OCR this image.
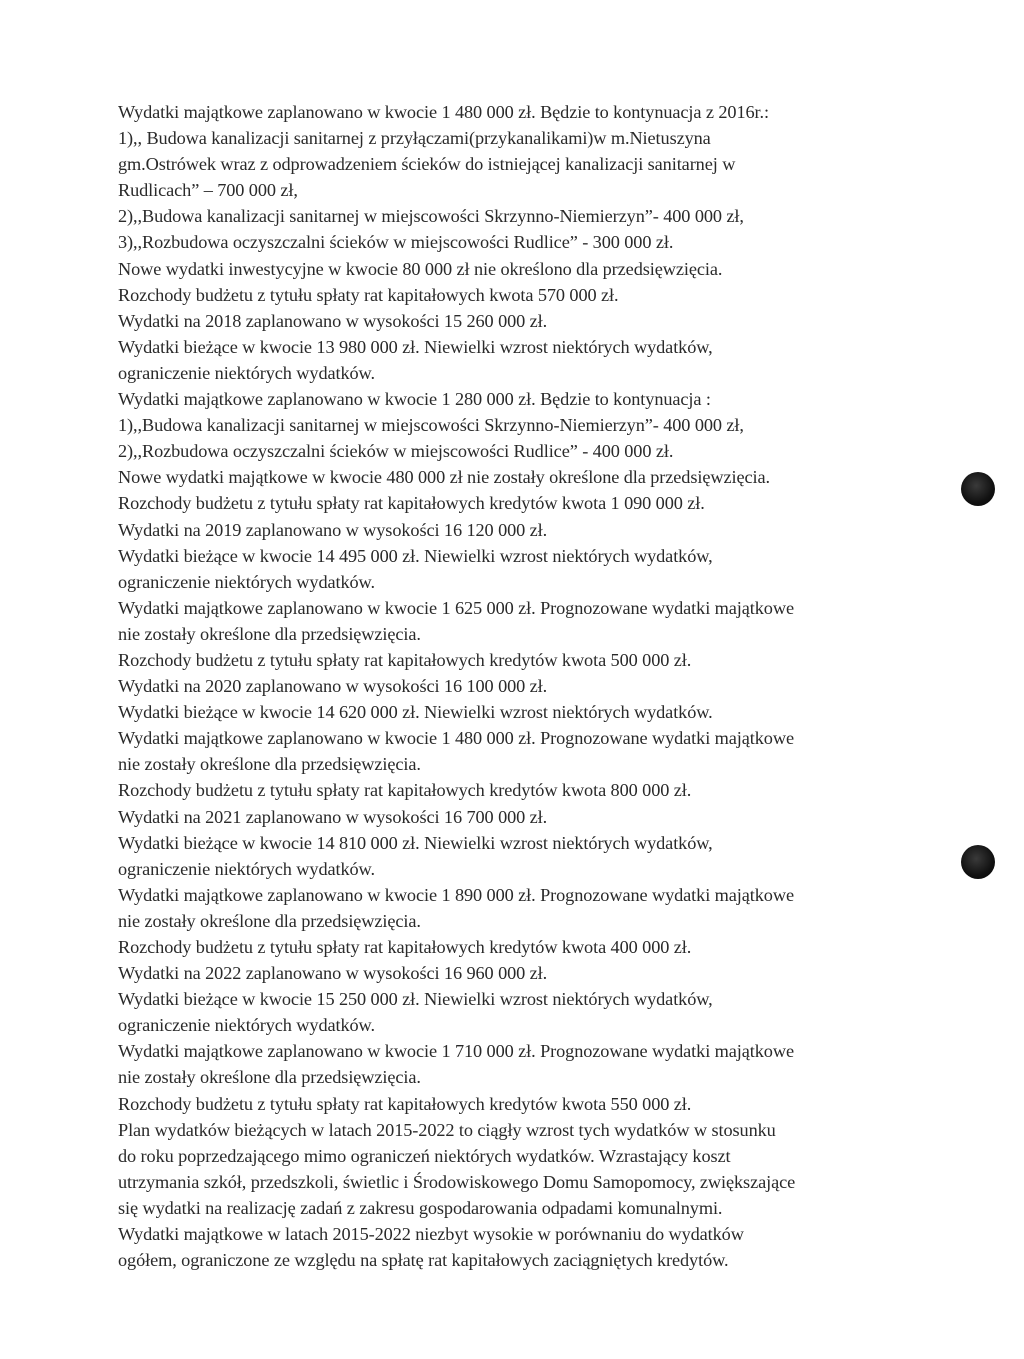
Wydatki majątkowe zaplanowano w kwocie 1 480 000 zł. Będzie to kontynuacja z 2016r.:
1),, Budowa kanalizacji sanitarnej z przyłączami(przykanalikami)w m.Nietuszyna
gm.Ostrówek wraz z odprowadzeniem ścieków do istniejącej kanalizacji sanitarnej w
Rudlicach” – 700 000 zł,
2),,Budowa kanalizacji sanitarnej w miejscowości Skrzynno-Niemierzyn”- 400 000 zł,
3),,Rozbudowa oczyszczalni ścieków w miejscowości Rudlice” - 300 000 zł.
Nowe wydatki inwestycyjne w kwocie 80 000 zł nie określono dla przedsięwzięcia.
Rozchody budżetu z tytułu spłaty rat kapitałowych kwota 570 000 zł.
Wydatki na 2018 zaplanowano w wysokości 15 260 000 zł.
Wydatki bieżące w kwocie 13 980 000 zł. Niewielki wzrost niektórych wydatków,
ograniczenie niektórych wydatków.
Wydatki majątkowe zaplanowano w kwocie 1 280 000 zł. Będzie to kontynuacja :
1),,Budowa kanalizacji sanitarnej w miejscowości Skrzynno-Niemierzyn”- 400 000 zł,
2),,Rozbudowa oczyszczalni ścieków w miejscowości Rudlice” - 400 000 zł.
Nowe wydatki majątkowe w kwocie 480 000 zł nie zostały określone dla przedsięwzięcia.
Rozchody budżetu z tytułu spłaty rat kapitałowych kredytów kwota 1 090 000 zł.
Wydatki na 2019 zaplanowano w wysokości 16 120 000 zł.
Wydatki bieżące w kwocie 14 495 000 zł. Niewielki wzrost niektórych wydatków,
ograniczenie niektórych wydatków.
Wydatki majątkowe zaplanowano w kwocie 1 625 000 zł. Prognozowane wydatki majątkowe
nie zostały określone dla przedsięwzięcia.
Rozchody budżetu z tytułu spłaty rat kapitałowych kredytów kwota 500 000 zł.
Wydatki na 2020 zaplanowano w wysokości 16 100 000 zł.
Wydatki bieżące w kwocie 14 620 000 zł. Niewielki wzrost niektórych wydatków.
Wydatki majątkowe zaplanowano w kwocie 1 480 000 zł. Prognozowane wydatki majątkowe
nie zostały określone dla przedsięwzięcia.
Rozchody budżetu z tytułu spłaty rat kapitałowych kredytów kwota 800 000 zł.
Wydatki na 2021 zaplanowano w wysokości 16 700 000 zł.
Wydatki bieżące w kwocie 14 810 000 zł. Niewielki wzrost niektórych wydatków,
ograniczenie niektórych wydatków.
Wydatki majątkowe zaplanowano w kwocie 1 890 000 zł. Prognozowane wydatki majątkowe
nie zostały określone dla przedsięwzięcia.
Rozchody budżetu z tytułu spłaty rat kapitałowych kredytów kwota 400 000 zł.
Wydatki na 2022 zaplanowano w wysokości 16 960 000 zł.
Wydatki bieżące w kwocie 15 250 000 zł. Niewielki wzrost niektórych wydatków,
ograniczenie niektórych wydatków.
Wydatki majątkowe zaplanowano w kwocie 1 710 000 zł. Prognozowane wydatki majątkowe
nie zostały określone dla przedsięwzięcia.
Rozchody budżetu z tytułu spłaty rat kapitałowych kredytów kwota 550 000 zł.
Plan wydatków bieżących w latach 2015-2022 to ciągły wzrost tych wydatków w stosunku
do roku poprzedzającego mimo ograniczeń niektórych wydatków. Wzrastający koszt
utrzymania szkół, przedszkoli, świetlic i Środowiskowego Domu Samopomocy, zwiększające
się wydatki na realizację zadań z zakresu gospodarowania odpadami komunalnymi.
Wydatki majątkowe w latach 2015-2022 niezbyt wysokie w porównaniu do wydatków
ogółem, ograniczone ze względu na spłatę rat kapitałowych zaciągniętych kredytów.
